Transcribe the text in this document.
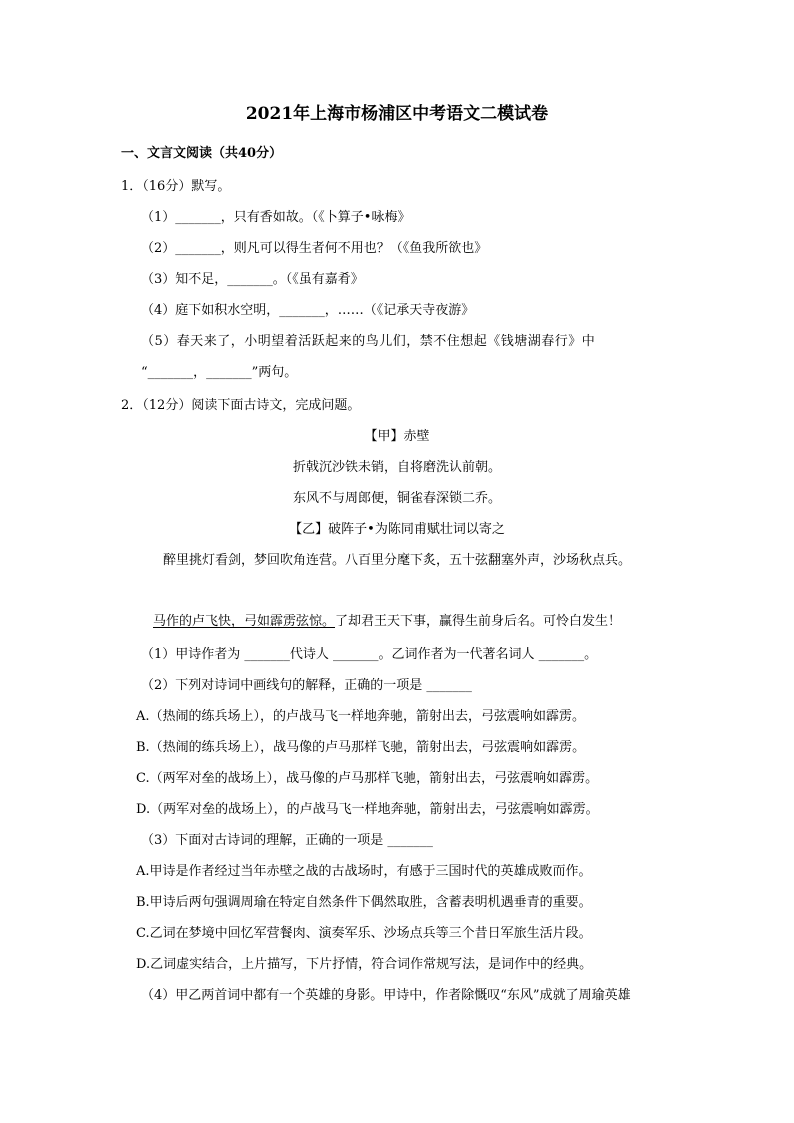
2021年上海市杨浦区中考语文二模试卷
一、文言文阅读（共40分）
1．（16分）默写。
（1）_______，只有香如故。（《卜算子•咏梅》
（2）_______，则凡可以得生者何不用也？（《鱼我所欲也》
（3）知不足，_______。（《虽有嘉肴》
（4）庭下如积水空明，_______，……（《记承天寺夜游》
（5）春天来了，小明望着活跃起来的鸟儿们，禁不住想起《钱塘湖春行》中
“_______，_______”两句。
2．（12分）阅读下面古诗文，完成问题。
【甲】赤壁
折戟沉沙铁未销，自将磨洗认前朝。
东风不与周郎便，铜雀春深锁二乔。
【乙】破阵子•为陈同甫赋壮词以寄之
醉里挑灯看剑，梦回吹角连营。八百里分麾下炙，五十弦翻塞外声，沙场秋点兵。
马作的卢飞快，弓如霹雳弦惊。了却君王天下事，赢得生前身后名。可怜白发生！
（1）甲诗作者为 _______代诗人 _______。乙词作者为一代著名词人 _______。
（2）下列对诗词中画线句的解释，正确的一项是 _______
A.（热闹的练兵场上），的卢战马飞一样地奔驰，箭射出去，弓弦震响如霹雳。
B.（热闹的练兵场上），战马像的卢马那样飞驰，箭射出去，弓弦震响如霹雳。
C.（两军对垒的战场上），战马像的卢马那样飞驰，箭射出去，弓弦震响如霹雳。
D.（两军对垒的战场上），的卢战马飞一样地奔驰，箭射出去，弓弦震响如霹雳。
（3）下面对古诗词的理解，正确的一项是 _______
A.甲诗是作者经过当年赤壁之战的古战场时，有感于三国时代的英雄成败而作。
B.甲诗后两句强调周瑜在特定自然条件下偶然取胜，含蓄表明机遇垂青的重要。
C.乙词在梦境中回忆军营餐肉、演奏军乐、沙场点兵等三个昔日军旅生活片段。
D.乙词虚实结合，上片描写，下片抒情，符合词作常规写法，是词作中的经典。
（4）甲乙两首词中都有一个英雄的身影。甲诗中，作者除慨叹“东风”成就了周瑜英雄
